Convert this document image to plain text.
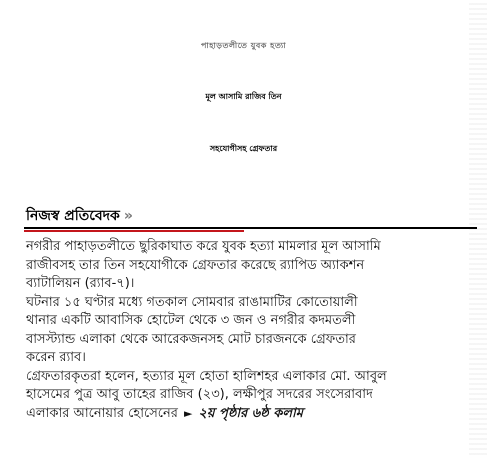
পাহাড়তলীতে যুবক হত্যা
মূল আসামি রাজিব তিন
সহযোগীসহ গ্রেফতার
নিজস্ব প্রতিবেদক »

নগরীর পাহাড়তলীতে ছুরিকাঘাত করে যুবক হত্যা মামলার মূল আসামি

রাজীবসহ তার তিন সহযোগীকে গ্রেফতার করেছে র‍্যাপিড অ্যাকশন

ব্যাটালিয়ন (র‍্যাব-৭)।

ঘটনার ১৫ ঘণ্টার মধ্যে গতকাল সোমবার রাঙামাটির কোতোয়ালী

থানার একটি আবাসিক হোটেল থেকে ৩ জন ও নগরীর কদমতলী

বাসস্ট্যান্ড এলাকা থেকে আরেকজনসহ মোট চারজনকে গ্রেফতার

করেন র‍্যাব।

গ্রেফতারকৃতরা হলেন, হত্যার মূল হোতা হালিশহর এলাকার মো. আবুল

হাসেমের পুত্র আবু তাহের রাজিব (২৩), লক্ষীপুর সদরের সংসেরাবাদ

এলাকার আনোয়ার হোসেনের ► ২য় পৃষ্ঠার ৬ষ্ঠ কলাম
